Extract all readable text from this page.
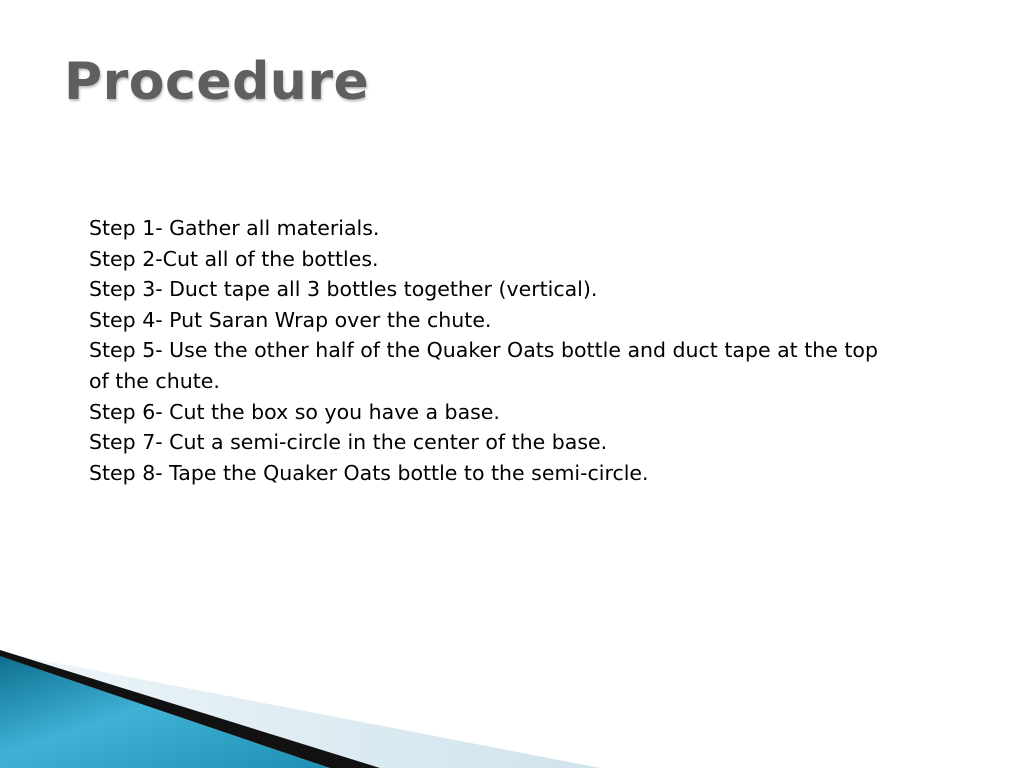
Procedure
Step 1- Gather all materials.
Step 2-Cut all of the bottles.
Step 3- Duct tape all 3 bottles together (vertical).
Step 4- Put Saran Wrap over the chute.
Step 5- Use the other half of the Quaker Oats bottle and duct tape at the top of the chute.
Step 6- Cut the box so you have a base.
Step 7- Cut a semi-circle in the center of the base.
Step 8- Tape the Quaker Oats bottle to the semi-circle.
